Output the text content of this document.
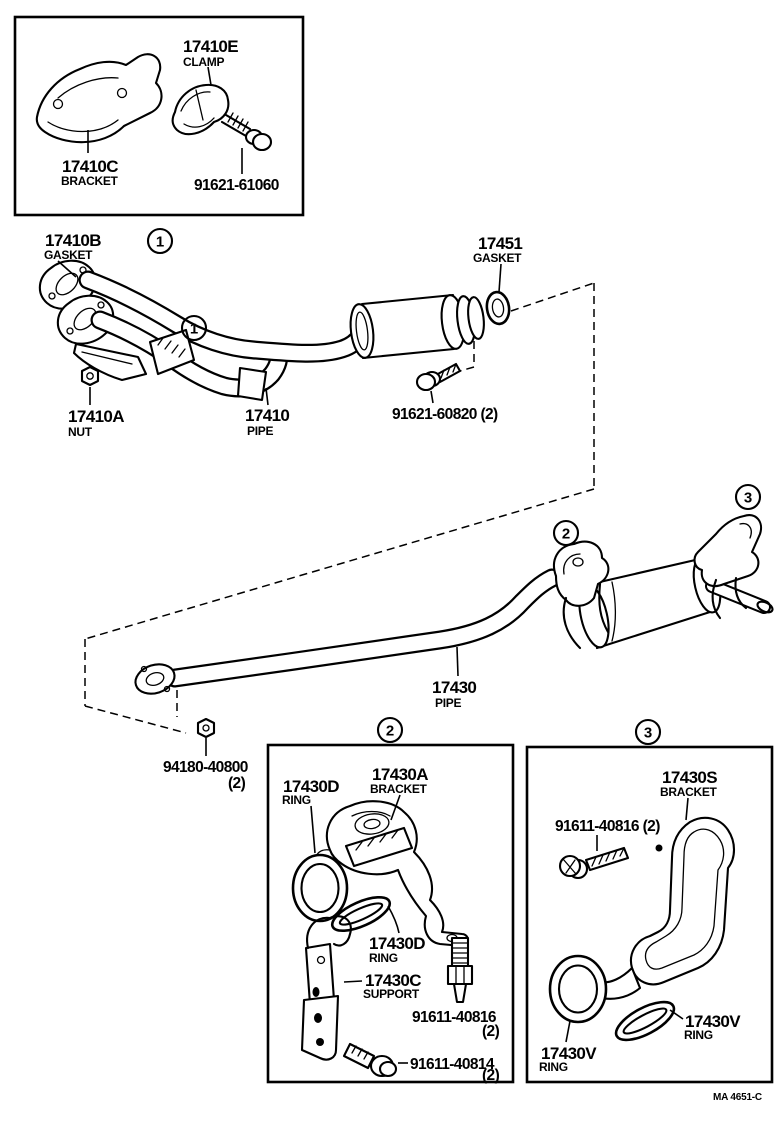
17410E
CLAMP
17410C
BRACKET	91621-61060
1
1
17410B
GASKET
17451
GASKET
17410A
NUT
17410
PIPE
91621-60820 (2)
2
3
17430
PIPE
94180-40800
(2)
2
17430D
RING
17430A
BRACKET
17430D
RING
17430C
SUPPORT
91611-40816
(2)
91611-40814
(2)
3
17430S
BRACKET
91611-40816 (2)
17430V
RING
17430V
RING
MA 4651-C
